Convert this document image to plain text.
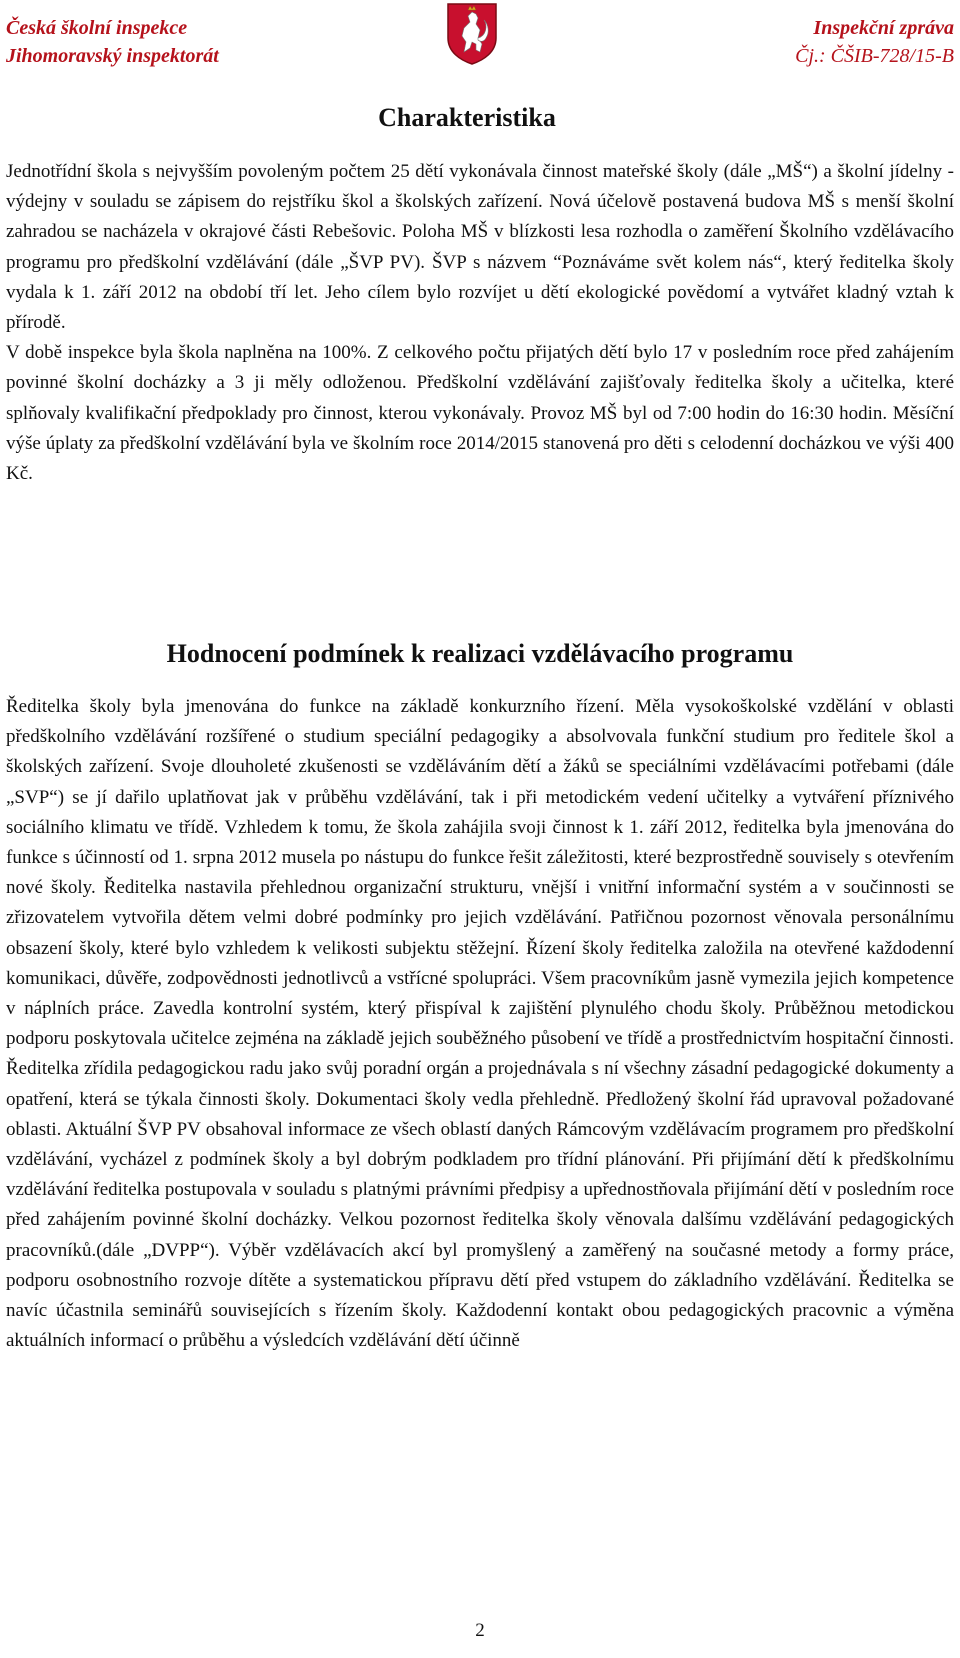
Česká školní inspekce
Jihomoravský inspektorát
Inspekční zpráva
Čj.: ČŠIB-728/15-B
Charakteristika

Jednotřídní škola s nejvyšším povoleným počtem 25 dětí vykonávala činnost mateřské školy (dále „MŠ“) a školní jídelny - výdejny v souladu se zápisem do rejstříku škol a školských zařízení. Nová účelově postavená budova MŠ s menší školní zahradou se nacházela v okrajové části Rebešovic. Poloha MŠ v blízkosti lesa rozhodla o zaměření Školního vzdělávacího programu pro předškolní vzdělávání (dále „ŠVP PV). ŠVP s názvem “Poznáváme svět kolem nás“, který ředitelka školy vydala k 1. září 2012 na období tří let. Jeho cílem bylo rozvíjet u dětí ekologické povědomí a vytvářet kladný vztah k přírodě.

V době inspekce byla škola naplněna na 100%. Z celkového počtu přijatých dětí bylo 17 v posledním roce před zahájením povinné školní docházky a 3 ji měly odloženou. Předškolní vzdělávání zajišťovaly ředitelka školy a učitelka, které splňovaly kvalifikační předpoklady pro činnost, kterou vykonávaly. Provoz MŠ byl od 7:00 hodin do 16:30 hodin. Měsíční výše úplaty za předškolní vzdělávání byla ve školním roce 2014/2015 stanovená pro děti s celodenní docházkou ve výši 400 Kč.

Hodnocení podmínek k realizaci vzdělávacího programu

Ředitelka školy byla jmenována do funkce na základě konkurzního řízení. Měla vysokoškolské vzdělání v oblasti předškolního vzdělávání rozšířené o studium speciální pedagogiky a absolvovala funkční studium pro ředitele škol a školských zařízení. Svoje dlouholeté zkušenosti se vzděláváním dětí a žáků se speciálními vzdělávacími potřebami (dále „SVP“) se jí dařilo uplatňovat jak v průběhu vzdělávání, tak i při metodickém vedení učitelky a vytváření příznivého sociálního klimatu ve třídě. Vzhledem k tomu, že škola zahájila svoji činnost k 1. září 2012, ředitelka byla jmenována do funkce s účinností od 1. srpna 2012 musela po nástupu do funkce řešit záležitosti, které bezprostředně souvisely s otevřením nové školy. Ředitelka nastavila přehlednou organizační strukturu, vnější i vnitřní informační systém a v součinnosti se zřizovatelem vytvořila dětem velmi dobré podmínky pro jejich vzdělávání. Patřičnou pozornost věnovala personálnímu obsazení školy, které bylo vzhledem k velikosti subjektu stěžejní. Řízení školy ředitelka založila na otevřené každodenní komunikaci, důvěře, zodpovědnosti jednotlivců a vstřícné spolupráci. Všem pracovníkům jasně vymezila jejich kompetence v náplních práce. Zavedla kontrolní systém, který přispíval k zajištění plynulého chodu školy. Průběžnou metodickou podporu poskytovala učitelce zejména na základě jejich souběžného působení ve třídě a prostřednictvím hospitační činnosti. Ředitelka zřídila pedagogickou radu jako svůj poradní orgán a projednávala s ní všechny zásadní pedagogické dokumenty a opatření, která se týkala činnosti školy. Dokumentaci školy vedla přehledně. Předložený školní řád upravoval požadované oblasti. Aktuální ŠVP PV obsahoval informace ze všech oblastí daných Rámcovým vzdělávacím programem pro předškolní vzdělávání, vycházel z podmínek školy a byl dobrým podkladem pro třídní plánování. Při přijímání dětí k předškolnímu vzdělávání ředitelka postupovala v souladu s platnými právními předpisy a upřednostňovala přijímání dětí v posledním roce před zahájením povinné školní docházky. Velkou pozornost ředitelka školy věnovala dalšímu vzdělávání pedagogických pracovníků.(dále „DVPP“). Výběr vzdělávacích akcí byl promyšlený a zaměřený na současné metody a formy práce, podporu osobnostního rozvoje dítěte a systematickou přípravu dětí před vstupem do základního vzdělávání. Ředitelka se navíc účastnila seminářů souvisejících s řízením školy. Každodenní kontakt obou pedagogických pracovnic a výměna aktuálních informací o průběhu a výsledcích vzdělávání dětí účinně

2
